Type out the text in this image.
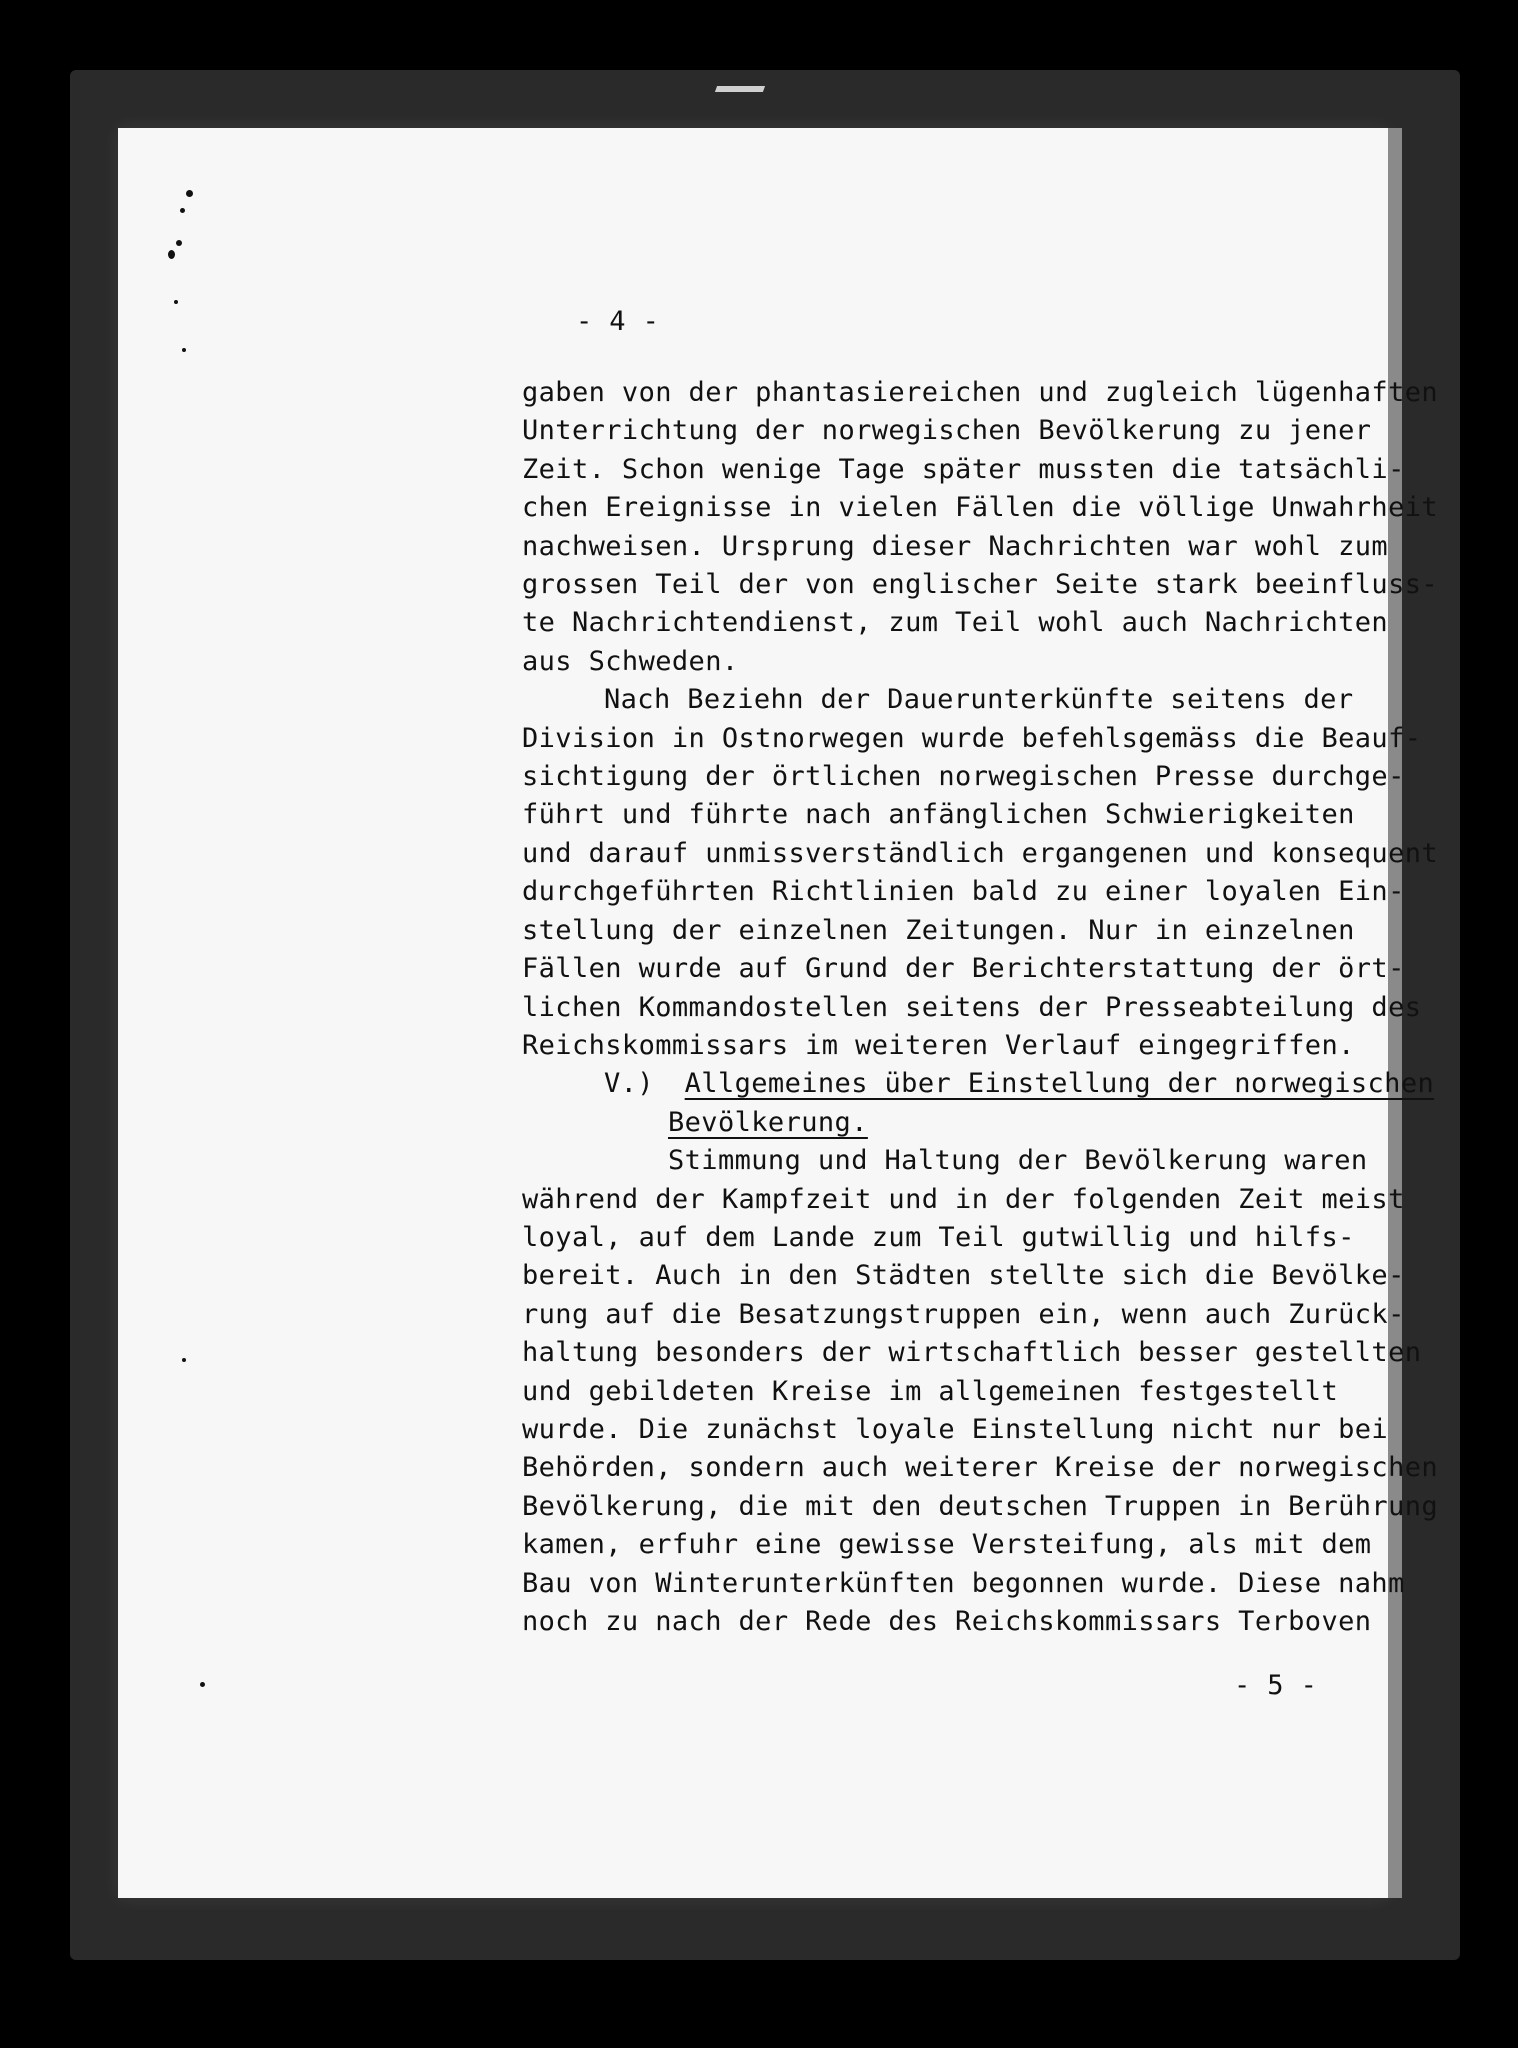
- 4 -
gaben von der phantasiereichen und zugleich lügenhaften
Unterrichtung der norwegischen Bevölkerung zu jener
Zeit. Schon wenige Tage später mussten die tatsächli-
chen Ereignisse in vielen Fällen die völlige Unwahrheit
nachweisen. Ursprung dieser Nachrichten war wohl zum
grossen Teil der von englischer Seite stark beeinfluss-
te Nachrichtendienst, zum Teil wohl auch Nachrichten
aus Schweden.
Nach Beziehn der Dauerunterkünfte seitens der
Division in Ostnorwegen wurde befehlsgemäss die Beauf-
sichtigung der örtlichen norwegischen Presse durchge-
führt und führte nach anfänglichen Schwierigkeiten
und darauf unmissverständlich ergangenen und konsequent
durchgeführten Richtlinien bald zu einer loyalen Ein-
stellung der einzelnen Zeitungen. Nur in einzelnen
Fällen wurde auf Grund der Berichterstattung der ört-
lichen Kommandostellen seitens der Presseabteilung des
Reichskommissars im weiteren Verlauf eingegriffen.
V.) Allgemeines über Einstellung der norwegischen
Bevölkerung.
Stimmung und Haltung der Bevölkerung waren
während der Kampfzeit und in der folgenden Zeit meist
loyal, auf dem Lande zum Teil gutwillig und hilfs-
bereit. Auch in den Städten stellte sich die Bevölke-
rung auf die Besatzungstruppen ein, wenn auch Zurück-
haltung besonders der wirtschaftlich besser gestellten
und gebildeten Kreise im allgemeinen festgestellt
wurde. Die zunächst loyale Einstellung nicht nur bei
Behörden, sondern auch weiterer Kreise der norwegischen
Bevölkerung, die mit den deutschen Truppen in Berührung
kamen, erfuhr eine gewisse Versteifung, als mit dem
Bau von Winterunterkünften begonnen wurde. Diese nahm
noch zu nach der Rede des Reichskommissars Terboven
- 5 -
